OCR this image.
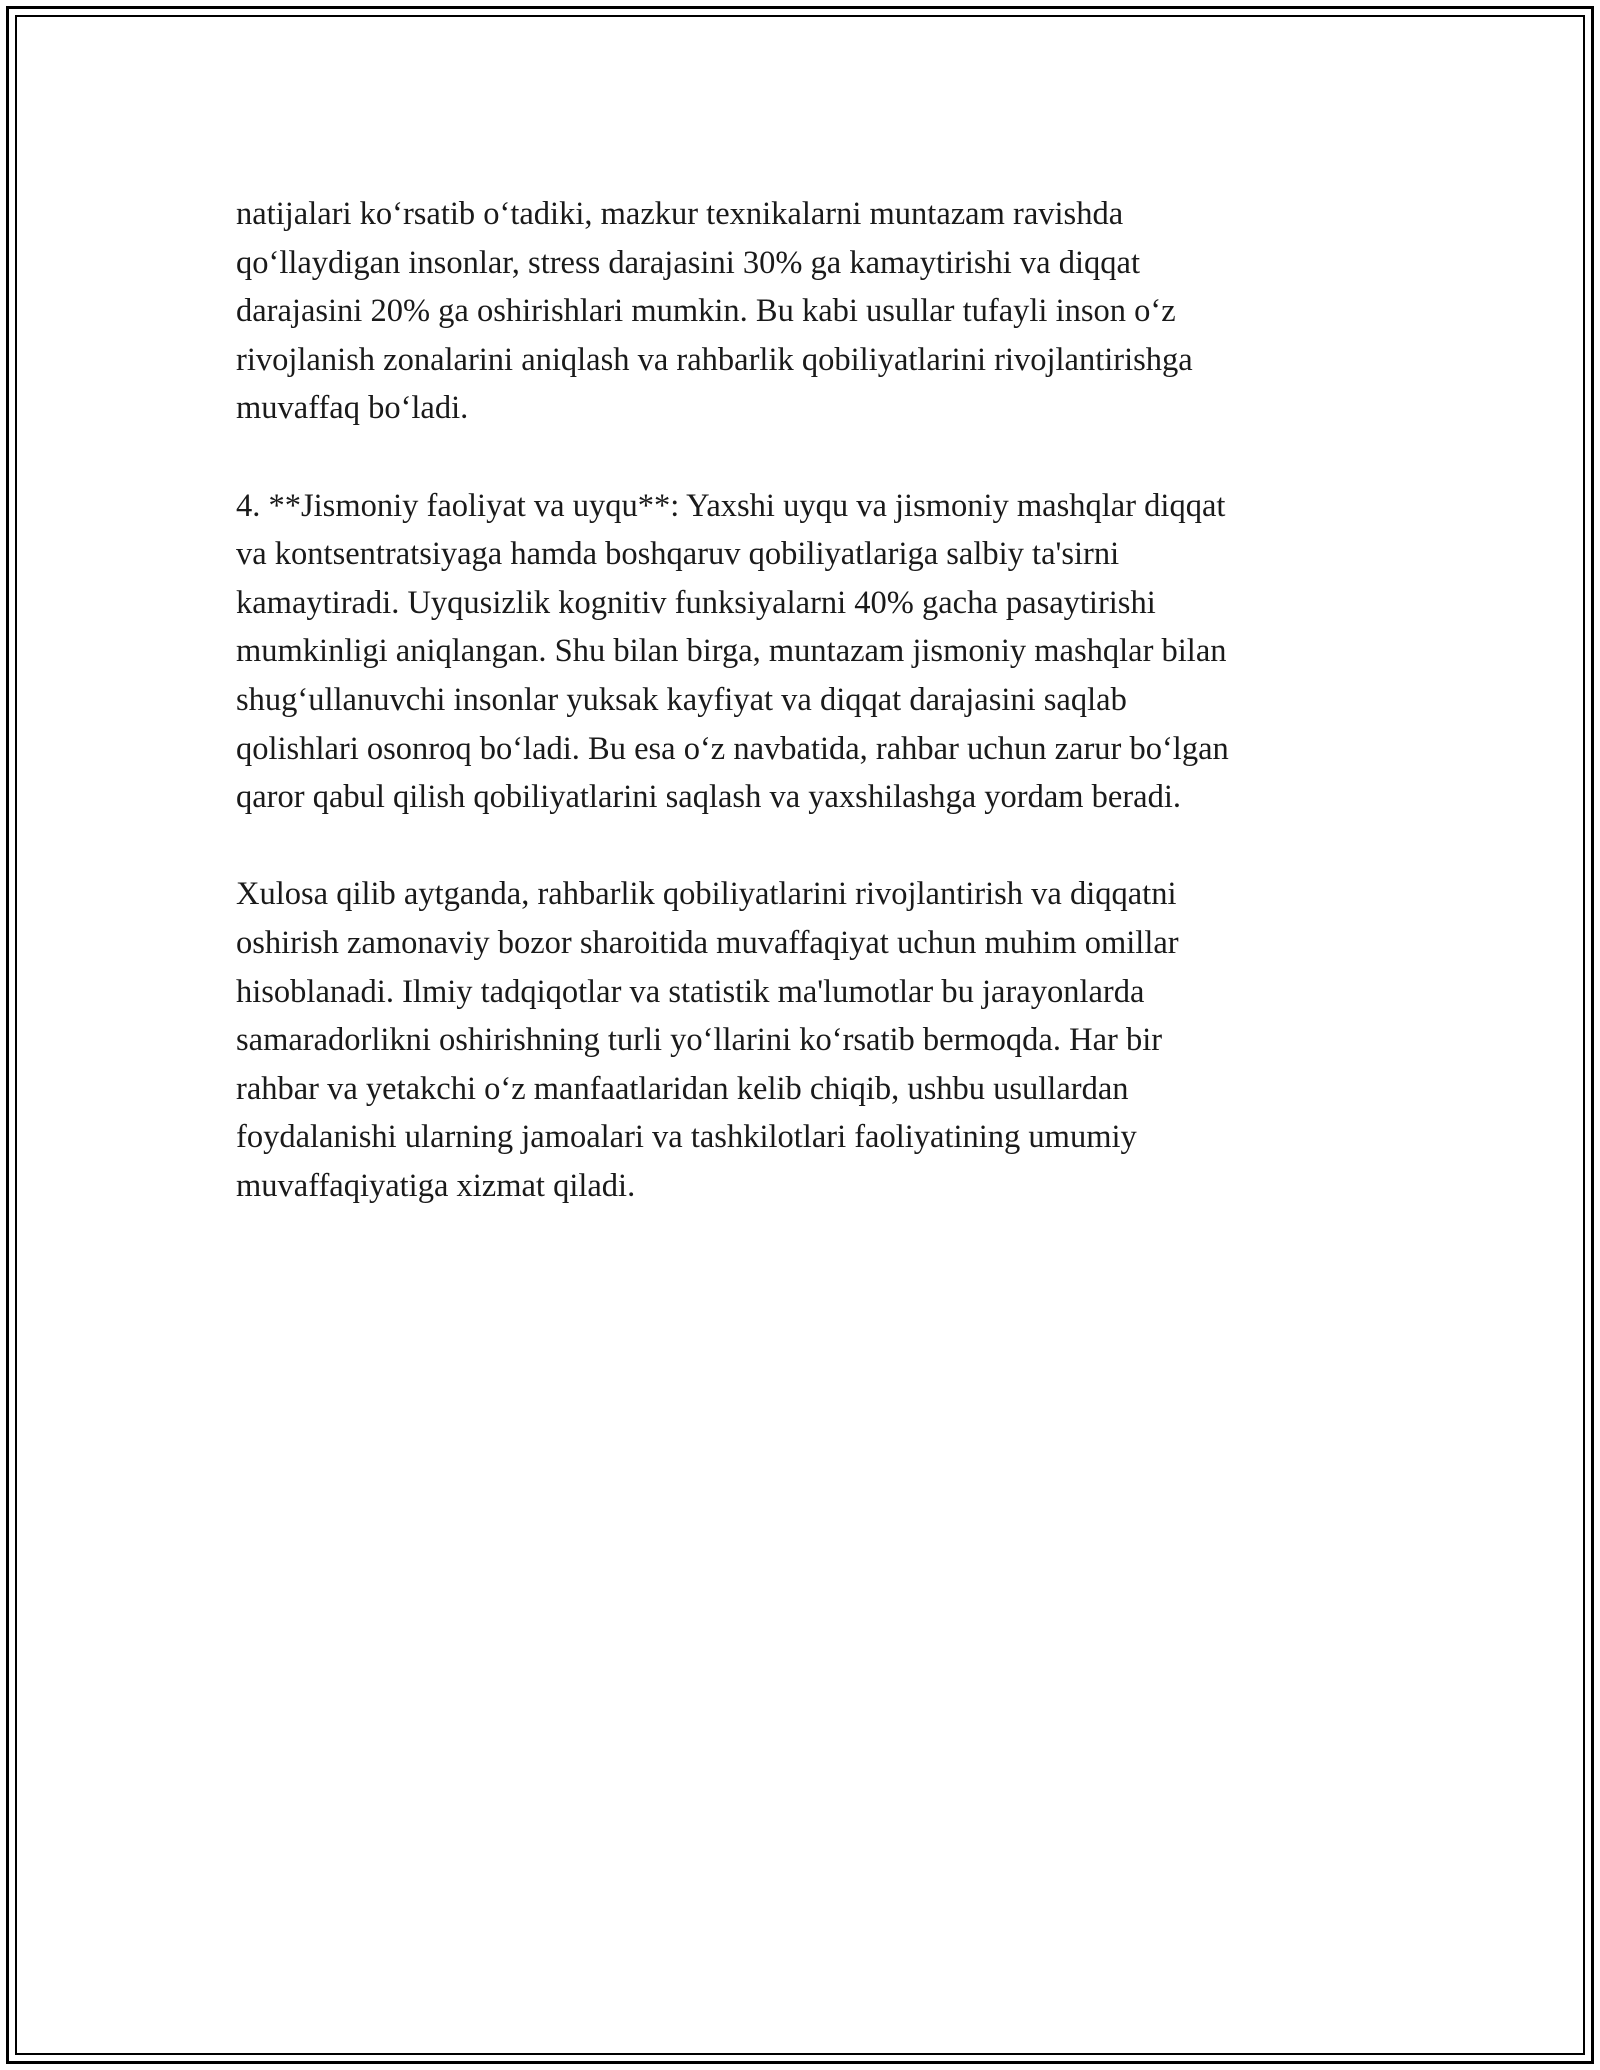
natijalari ko‘rsatib o‘tadiki, mazkur texnikalarni muntazam ravishda
qo‘llaydigan insonlar, stress darajasini 30% ga kamaytirishi va diqqat
darajasini 20% ga oshirishlari mumkin. Bu kabi usullar tufayli inson o‘z
rivojlanish zonalarini aniqlash va rahbarlik qobiliyatlarini rivojlantirishga
muvaffaq bo‘ladi.

4. **Jismoniy faoliyat va uyqu**: Yaxshi uyqu va jismoniy mashqlar diqqat
va kontsentratsiyaga hamda boshqaruv qobiliyatlariga salbiy ta'sirni
kamaytiradi. Uyqusizlik kognitiv funksiyalarni 40% gacha pasaytirishi
mumkinligi aniqlangan. Shu bilan birga, muntazam jismoniy mashqlar bilan
shug‘ullanuvchi insonlar yuksak kayfiyat va diqqat darajasini saqlab
qolishlari osonroq bo‘ladi. Bu esa o‘z navbatida, rahbar uchun zarur bo‘lgan
qaror qabul qilish qobiliyatlarini saqlash va yaxshilashga yordam beradi.

Xulosa qilib aytganda, rahbarlik qobiliyatlarini rivojlantirish va diqqatni
oshirish zamonaviy bozor sharoitida muvaffaqiyat uchun muhim omillar
hisoblanadi. Ilmiy tadqiqotlar va statistik ma'lumotlar bu jarayonlarda
samaradorlikni oshirishning turli yo‘llarini ko‘rsatib bermoqda. Har bir
rahbar va yetakchi o‘z manfaatlaridan kelib chiqib, ushbu usullardan
foydalanishi ularning jamoalari va tashkilotlari faoliyatining umumiy
muvaffaqiyatiga xizmat qiladi.
